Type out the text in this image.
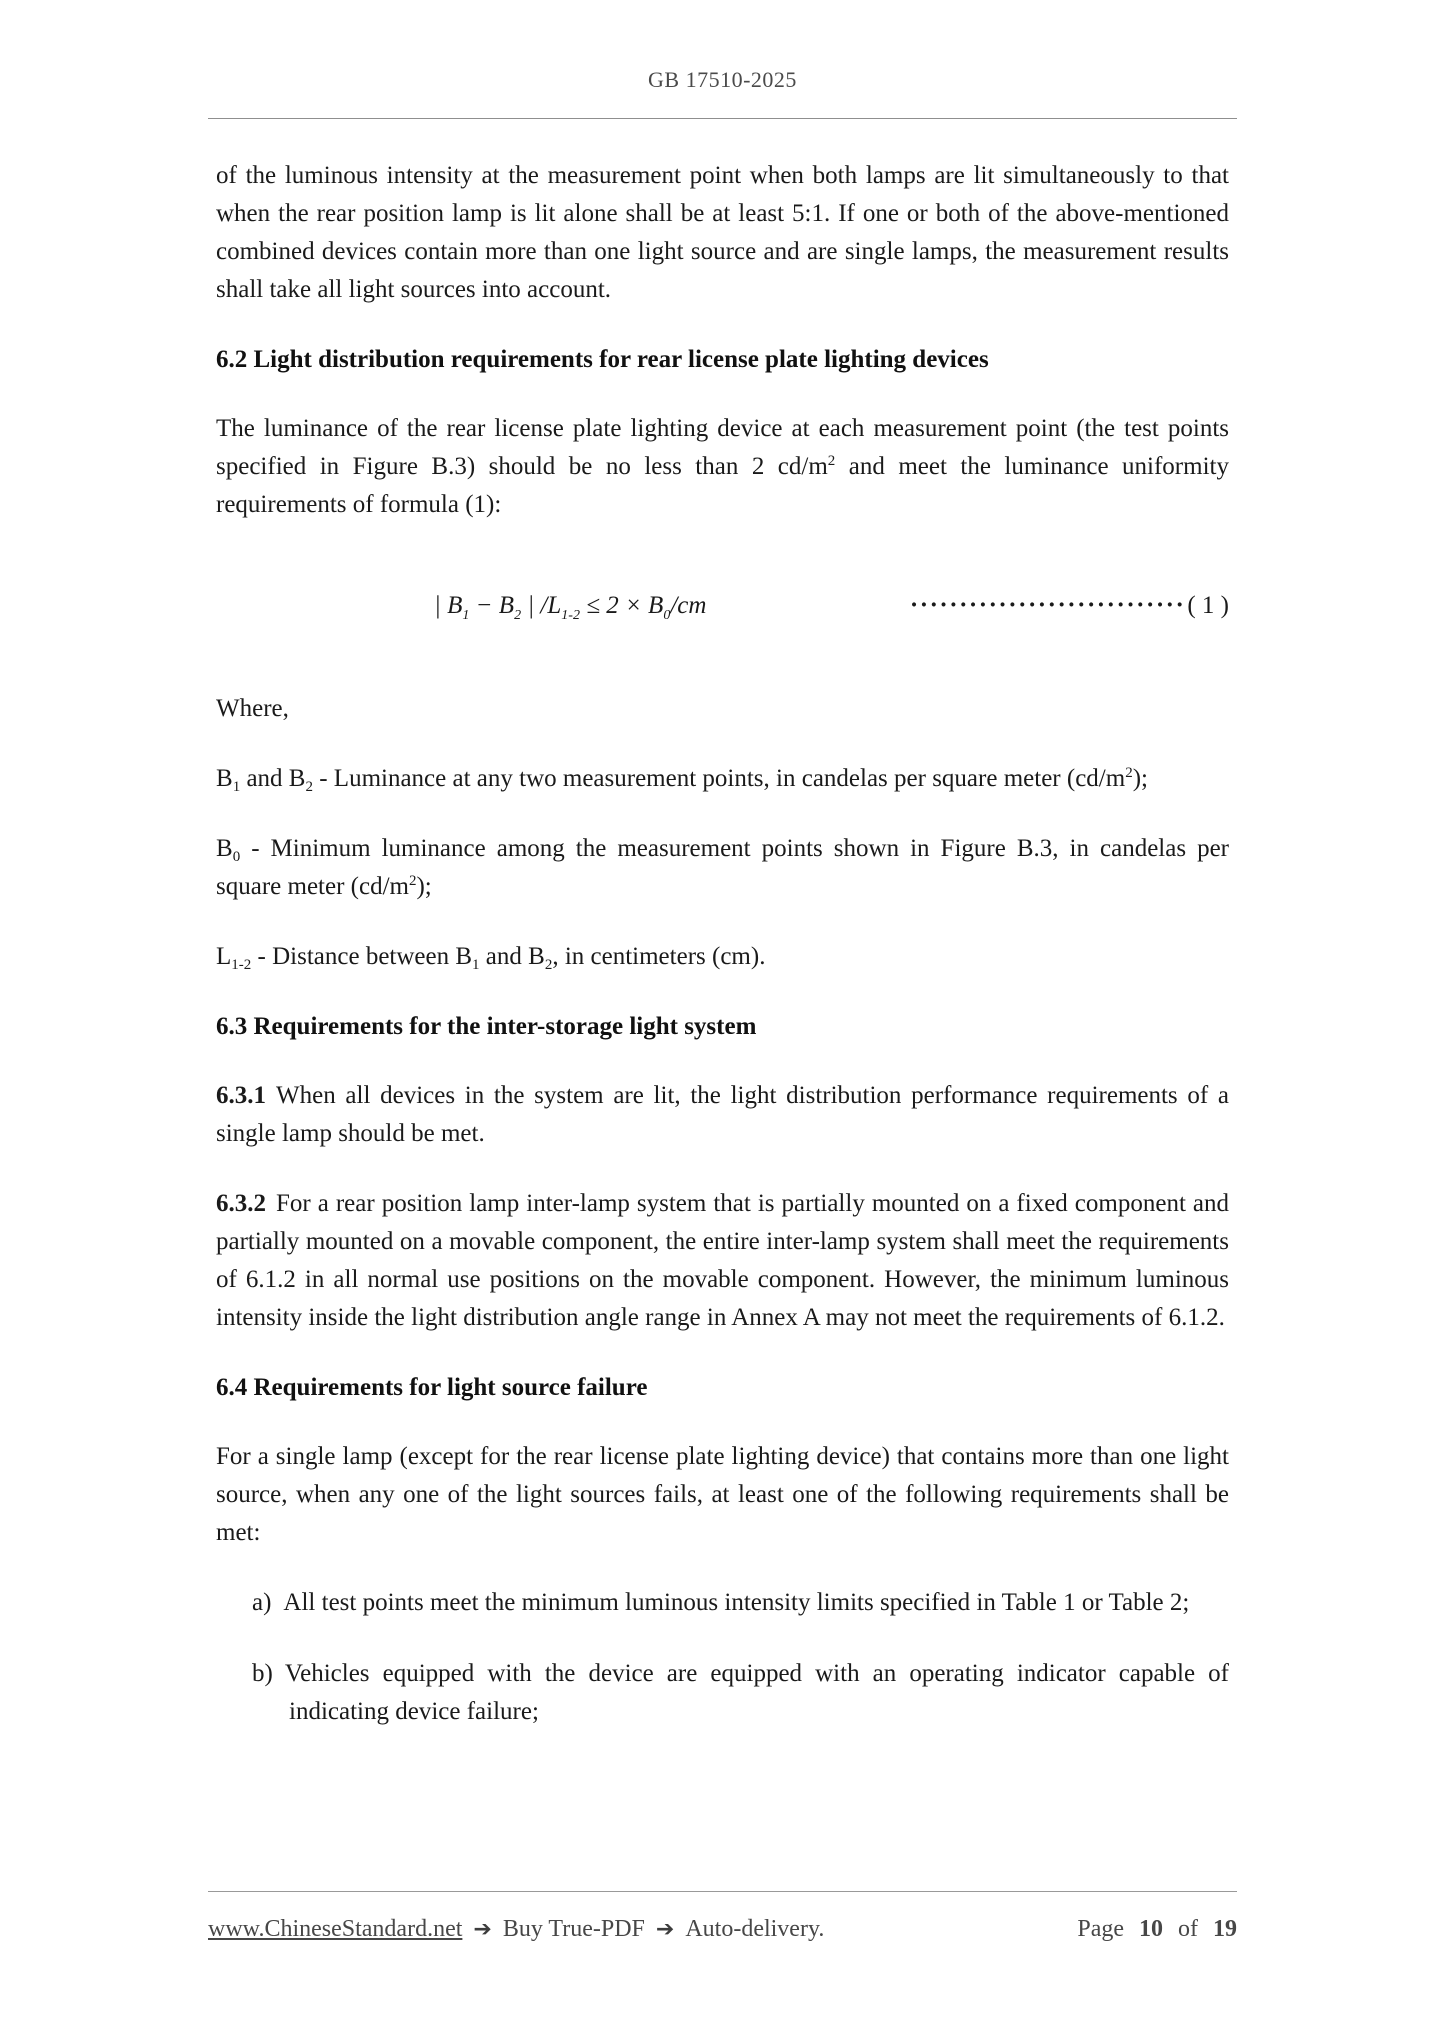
GB 17510-2025

of the luminous intensity at the measurement point when both lamps are lit simultaneously to that when the rear position lamp is lit alone shall be at least 5:1. If one or both of the above-mentioned combined devices contain more than one light source and are single lamps, the measurement results shall take all light sources into account.

6.2 Light distribution requirements for rear license plate lighting devices

The luminance of the rear license plate lighting device at each measurement point (the test points specified in Figure B.3) should be no less than 2 $cd/m^2$ and meet the luminance uniformity requirements of formula (1):

| $B_1 - B_2$ | $/L_{1-2} \le 2 \times B_0/cm$	···························· ( 1 )

Where,

$B_1$ and $B_2$ - Luminance at any two measurement points, in candelas per square meter $(cd/m^2)$;

$B_0$ - Minimum luminance among the measurement points shown in Figure B.3, in candelas per square meter $(cd/m^2)$;

$L_{1-2}$ - Distance between $B_1$ and $B_2$, in centimeters (cm).

6.3 Requirements for the inter-storage light system

6.3.1 When all devices in the system are lit, the light distribution performance requirements of a single lamp should be met.

6.3.2 For a rear position lamp inter-lamp system that is partially mounted on a fixed component and partially mounted on a movable component, the entire inter-lamp system shall meet the requirements of 6.1.2 in all normal use positions on the movable component. However, the minimum luminous intensity inside the light distribution angle range in Annex A may not meet the requirements of 6.1.2.

6.4 Requirements for light source failure

For a single lamp (except for the rear license plate lighting device) that contains more than one light source, when any one of the light sources fails, at least one of the following requirements shall be met:

a) All test points meet the minimum luminous intensity limits specified in Table 1 or Table 2;
b) Vehicles equipped with the device are equipped with an operating indicator capable of indicating device failure;
www.ChineseStandard.net ➔ Buy True-PDF ➔ Auto-delivery.	Page 10 of 19
